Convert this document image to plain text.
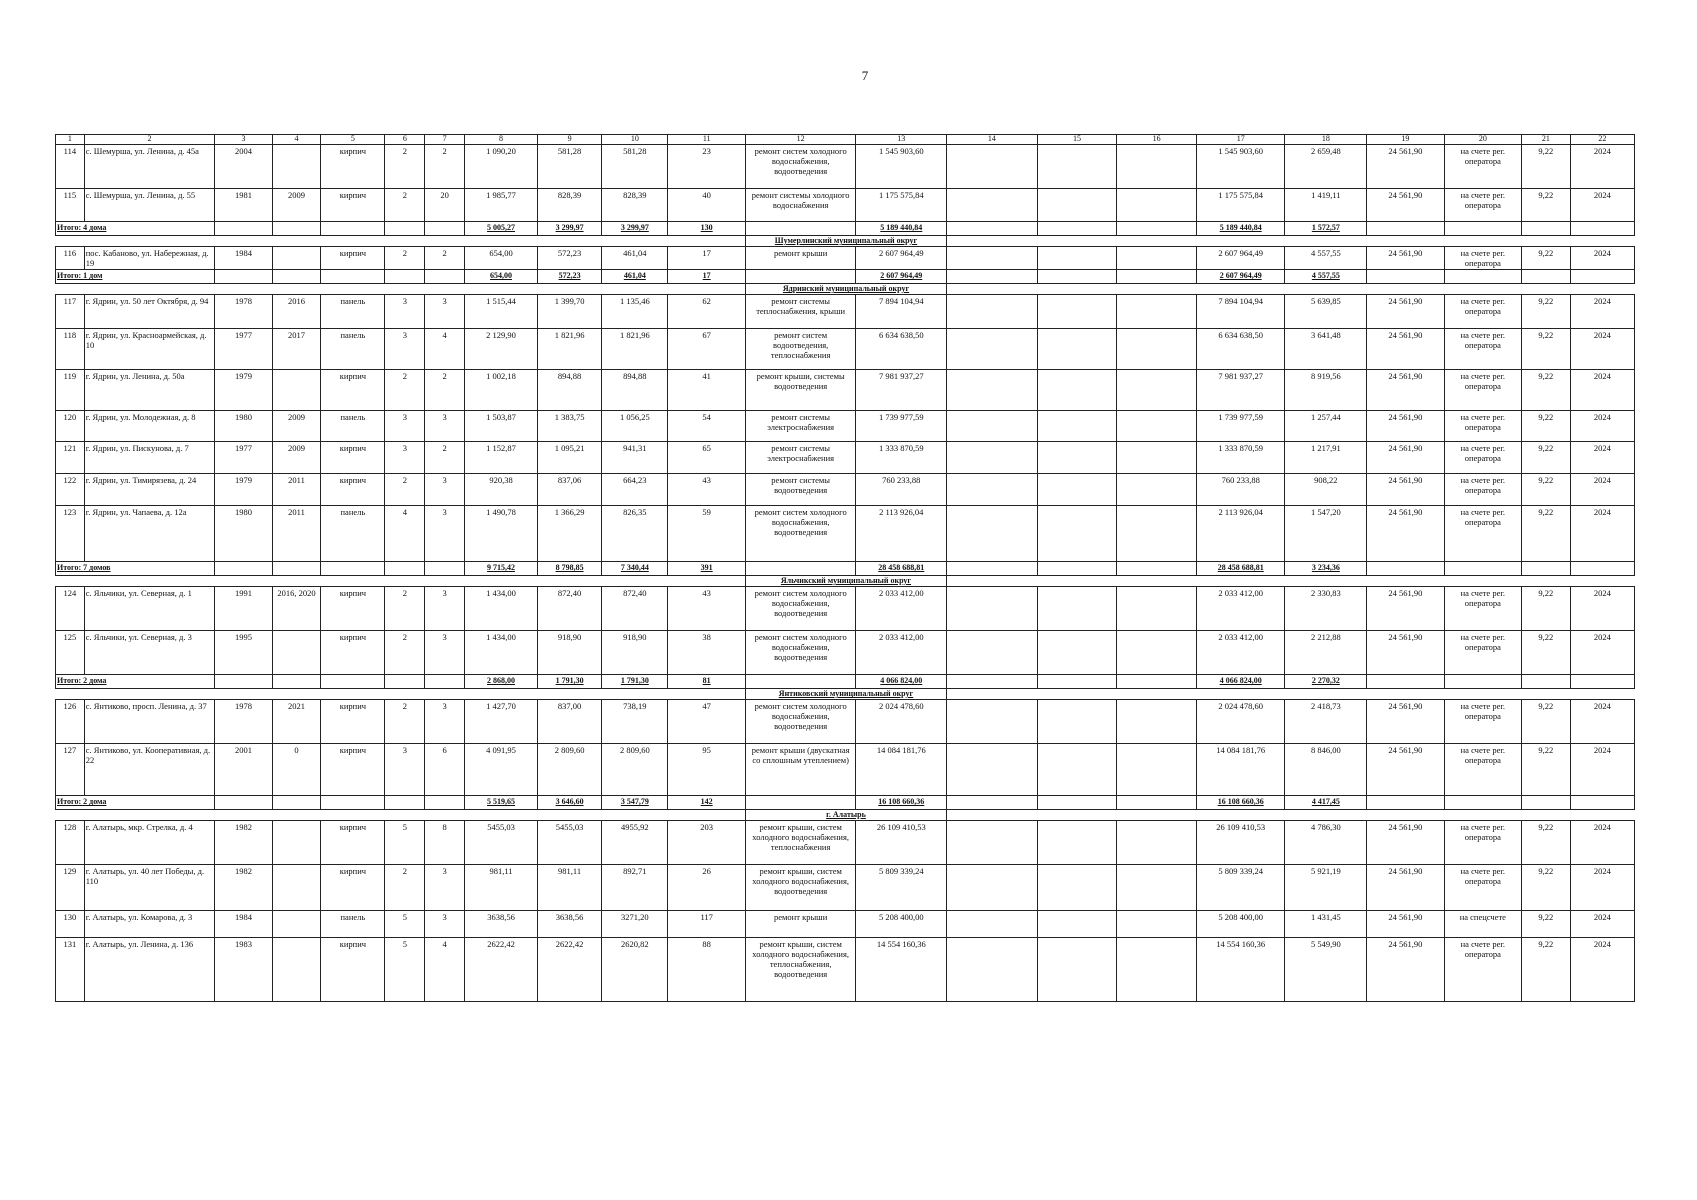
7
1	2	3	4	5	6	7	8	9	10	11	12	13	14	15	16	17	18	19	20	21	22
114	с. Шемурша, ул. Ленина, д. 45а	2004		кирпич	2	2	1 090,20	581,28	581,28	23	ремонт систем холодного водоснабжения, водоотведения	1 545 903,60				1 545 903,60	2 659,48	24 561,90	на счете рег. оператора	9,22	2024
115	с. Шемурша, ул. Ленина, д. 55	1981	2009	кирпич	2	20	1 985,77	828,39	828,39	40	ремонт системы холодного водоснабжения	1 175 575,84				1 175 575,84	1 419,11	24 561,90	на счете рег. оператора	9,22	2024
Итого: 4 дома							5 005,27	3 299,97	3 299,97	130		5 189 440,84				5 189 440,84	1 572,57				
											Шумерлинский муниципальный округ										
116	пос. Кабаново, ул. Набережная, д. 19	1984		кирпич	2	2	654,00	572,23	461,04	17	ремонт крыши	2 607 964,49				2 607 964,49	4 557,55	24 561,90	на счете рег. оператора	9,22	2024
Итого: 1 дом							654,00	572,23	461,04	17		2 607 964,49				2 607 964,49	4 557,55				
											Ядринский муниципальный округ										
117	г. Ядрин, ул. 50 лет Октября, д. 94	1978	2016	панель	3	3	1 515,44	1 399,70	1 135,46	62	ремонт системы теплоснабжения, крыши	7 894 104,94				7 894 104,94	5 639,85	24 561,90	на счете рег. оператора	9,22	2024
118	г. Ядрин, ул. Красноармейская, д. 10	1977	2017	панель	3	4	2 129,90	1 821,96	1 821,96	67	ремонт систем водоотведения, теплоснабжения	6 634 638,50				6 634 638,50	3 641,48	24 561,90	на счете рег. оператора	9,22	2024
119	г. Ядрин, ул. Ленина, д. 50а	1979		кирпич	2	2	1 002,18	894,88	894,88	41	ремонт крыши, системы водоотведения	7 981 937,27				7 981 937,27	8 919,56	24 561,90	на счете рег. оператора	9,22	2024
120	г. Ядрин, ул. Молодежная, д. 8	1980	2009	панель	3	3	1 503,87	1 383,75	1 056,25	54	ремонт системы электроснабжения	1 739 977,59				1 739 977,59	1 257,44	24 561,90	на счете рег. оператора	9,22	2024
121	г. Ядрин, ул. Пискунова, д. 7	1977	2009	кирпич	3	2	1 152,87	1 095,21	941,31	65	ремонт системы электроснабжения	1 333 870,59				1 333 870,59	1 217,91	24 561,90	на счете рег. оператора	9,22	2024
122	г. Ядрин, ул. Тимирязева, д. 24	1979	2011	кирпич	2	3	920,38	837,06	664,23	43	ремонт системы водоотведения	760 233,88				760 233,88	908,22	24 561,90	на счете рег. оператора	9,22	2024
123	г. Ядрин, ул. Чапаева, д. 12а	1980	2011	панель	4	3	1 490,78	1 366,29	826,35	59	ремонт систем холодного водоснабжения, водоотведения	2 113 926,04				2 113 926,04	1 547,20	24 561,90	на счете рег. оператора	9,22	2024
Итого: 7 домов							9 715,42	8 798,85	7 340,44	391		28 458 688,81				28 458 688,81	3 234,36				
											Яльчикский муниципальный округ										
124	с. Яльчики, ул. Северная, д. 1	1991	2016, 2020	кирпич	2	3	1 434,00	872,40	872,40	43	ремонт систем холодного водоснабжения, водоотведения	2 033 412,00				2 033 412,00	2 330,83	24 561,90	на счете рег. оператора	9,22	2024
125	с. Яльчики, ул. Северная, д. 3	1995		кирпич	2	3	1 434,00	918,90	918,90	38	ремонт систем холодного водоснабжения, водоотведения	2 033 412,00				2 033 412,00	2 212,88	24 561,90	на счете рег. оператора	9,22	2024
Итого: 2 дома							2 868,00	1 791,30	1 791,30	81		4 066 824,00				4 066 824,00	2 270,32				
											Янтиковский муниципальный округ										
126	с. Янтиково, просп. Ленина, д. 37	1978	2021	кирпич	2	3	1 427,70	837,00	738,19	47	ремонт систем холодного водоснабжения, водоотведения	2 024 478,60				2 024 478,60	2 418,73	24 561,90	на счете рег. оператора	9,22	2024
127	с. Янтиково, ул. Кооперативная, д. 22	2001	0	кирпич	3	6	4 091,95	2 809,60	2 809,60	95	ремонт крыши (двускатная со сплошным утеплением)	14 084 181,76				14 084 181,76	8 846,00	24 561,90	на счете рег. оператора	9,22	2024
Итого: 2 дома							5 519,65	3 646,60	3 547,79	142		16 108 660,36				16 108 660,36	4 417,45				
											г. Алатырь										
128	г. Алатырь, мкр. Стрелка, д. 4	1982		кирпич	5	8	5455,03	5455,03	4955,92	203	ремонт крыши, систем холодного водоснабжения, теплоснабжения	26 109 410,53				26 109 410,53	4 786,30	24 561,90	на счете рег. оператора	9,22	2024
129	г. Алатырь, ул. 40 лет Победы, д. 110	1982		кирпич	2	3	981,11	981,11	892,71	26	ремонт крыши, систем холодного водоснабжения, водоотведения	5 809 339,24				5 809 339,24	5 921,19	24 561,90	на счете рег. оператора	9,22	2024
130	г. Алатырь, ул. Комарова, д. 3	1984		панель	5	3	3638,56	3638,56	3271,20	117	ремонт крыши	5 208 400,00				5 208 400,00	1 431,45	24 561,90	на спецсчете	9,22	2024
131	г. Алатырь, ул. Ленина, д. 136	1983		кирпич	5	4	2622,42	2622,42	2620,82	88	ремонт крыши, систем холодного водоснабжения, теплоснабжения, водоотведения	14 554 160,36				14 554 160,36	5 549,90	24 561,90	на счете рег. оператора	9,22	2024
